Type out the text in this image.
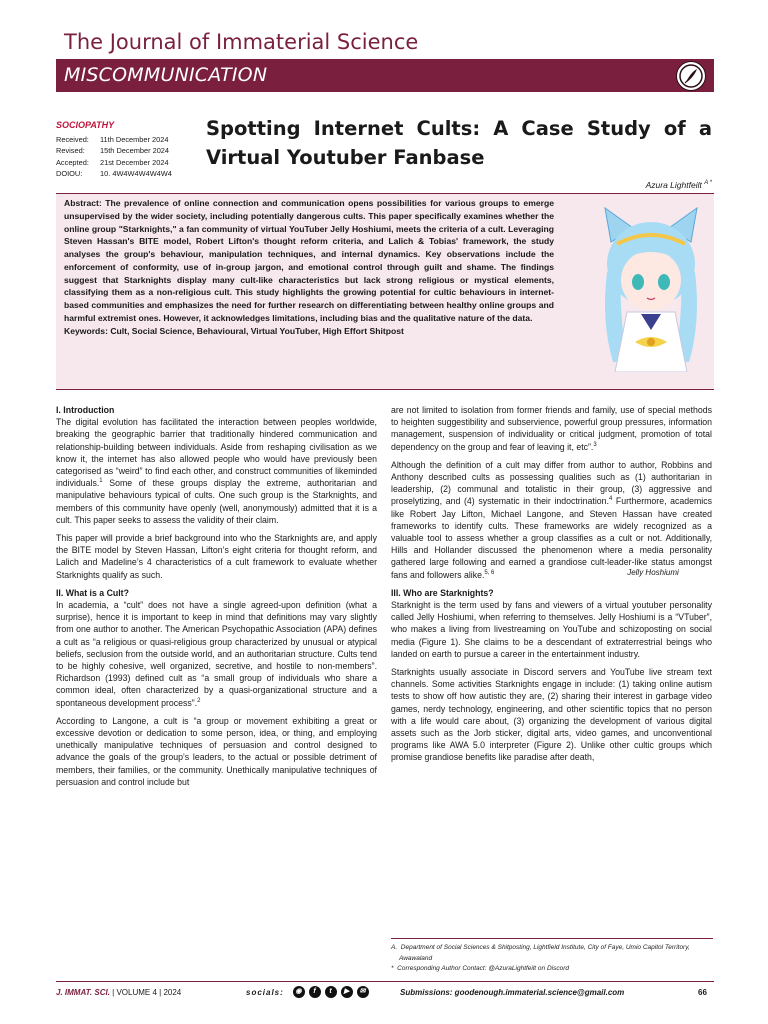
The Journal of Immaterial Science
MISCOMMUNICATION
SOCIOPATHY
Received: 11th December 2024
Revised: 15th December 2024
Accepted: 21st December 2024
DOIOU: 10. 4W4W4W4W4W4
Spotting Internet Cults: A Case Study of a Virtual Youtuber Fanbase
Azura Lightfeilt $^{A *}$
Abstract: The prevalence of online connection and communication opens possibilities for various groups to emerge unsupervised by the wider society, including potentially dangerous cults. This paper specifically examines whether the online group "Starknights," a fan community of virtual YouTuber Jelly Hoshiumi, meets the criteria of a cult. Leveraging Steven Hassan's BITE model, Robert Lifton's thought reform criteria, and Lalich & Tobias' framework, the study analyses the group's behaviour, manipulation techniques, and internal dynamics. Key observations include the enforcement of conformity, use of in-group jargon, and emotional control through guilt and shame. The findings suggest that Starknights display many cult-like characteristics but lack strong religious or mystical elements, classifying them as a non-religious cult. This study highlights the growing potential for cultic behaviours in internet-based communities and emphasizes the need for further research on differentiating between healthy online groups and harmful extremist ones. However, it acknowledges limitations, including bias and the qualitative nature of the data.
Keywords: Cult, Social Science, Behavioural, Virtual YouTuber, High Effort Shitpost
Jelly Hoshiumi
I. Introduction

The digital evolution has facilitated the interaction between peoples worldwide, breaking the geographic barrier that traditionally hindered communication and relationship-building between individuals. Aside from reshaping civilisation as we know it, the internet has also allowed people who would have previously been categorised as “weird” to find each other, and construct communities of likeminded individuals.$^1$ Some of these groups display the extreme, authoritarian and manipulative behaviours typical of cults. One such group is the Starknights, and members of this community have openly (well, anonymously) admitted that it is a cult. This paper seeks to assess the validity of their claim.

This paper will provide a brief background into who the Starknights are, and apply the BITE model by Steven Hassan, Lifton’s eight criteria for thought reform, and Lalich and Madeline’s 4 characteristics of a cult framework to evaluate whether Starknights qualify as such.

II. What is a Cult?

In academia, a “cult” does not have a single agreed-upon definition (what a surprise), hence it is important to keep in mind that definitions may vary slightly from one author to another. The American Psychopathic Association (APA) defines a cult as “a religious or quasi-religious group characterized by unusual or atypical beliefs, seclusion from the outside world, and an authoritarian structure. Cults tend to be highly cohesive, well organized, secretive, and hostile to non-members”. Richardson (1993) defined cult as “a small group of individuals who share a common ideal, often characterized by a quasi-organizational structure and a spontaneous development process”.$^2$

According to Langone, a cult is “a group or movement exhibiting a great or excessive devotion or dedication to some person, idea, or thing, and employing unethically manipulative techniques of persuasion and control designed to advance the goals of the group’s leaders, to the actual or possible detriment of members, their families, or the community. Unethically manipulative techniques of persuasion and control include but

are not limited to isolation from former friends and family, use of special methods to heighten suggestibility and subservience, powerful group pressures, information management, suspension of individuality or critical judgment, promotion of total dependency on the group and fear of leaving it, etc”.$^3$

Although the definition of a cult may differ from author to author, Robbins and Anthony described cults as possessing qualities such as (1) authoritarian in leadership, (2) communal and totalistic in their group, (3) aggressive and proselytizing, and (4) systematic in their indoctrination.$^4$ Furthermore, academics like Robert Jay Lifton, Michael Langone, and Steven Hassan have created frameworks to identify cults. These frameworks are widely recognized as a valuable tool to assess whether a group classifies as a cult or not. Additionally, Hills and Hollander discussed the phenomenon where a media personality gathered large following and earned a grandiose cult-leader-like status amongst fans and followers alike.$^{5, 6}$

III. Who are Starknights?

Starknight is the term used by fans and viewers of a virtual youtuber personality called Jelly Hoshiumi, when referring to themselves. Jelly Hoshiumi is a “VTuber”, who makes a living from livestreaming on YouTube and schizoposting on social media (Figure 1). She claims to be a descendant of extraterrestrial beings who landed on earth to pursue a career in the entertainment industry.

Starknights usually associate in Discord servers and YouTube live stream text channels. Some activities Starknights engage in include: (1) taking online autism tests to show off how autistic they are, (2) sharing their interest in garbage video games, nerdy technology, engineering, and other scientific topics that no person with a life would care about, (3) organizing the development of various digital assets such as the Jorb sticker, digital arts, video games, and unconventional programs like AWA 5.0 interpreter (Figure 2). Unlike other cultic groups which promise grandiose benefits like paradise after death,

A. Department of Social Sciences & Shitposting, Lightfield Institute, City of Faye, Umio Capitol Territory, Awawaland
* Corresponding Author Contact: @AzuraLightfeilt on Discord
J. IMMAT. SCI. | VOLUME 4 | 2024	socials:	◉	f	t	▶	✉	Submissions: goodenough.immaterial.science@gmail.com	66
